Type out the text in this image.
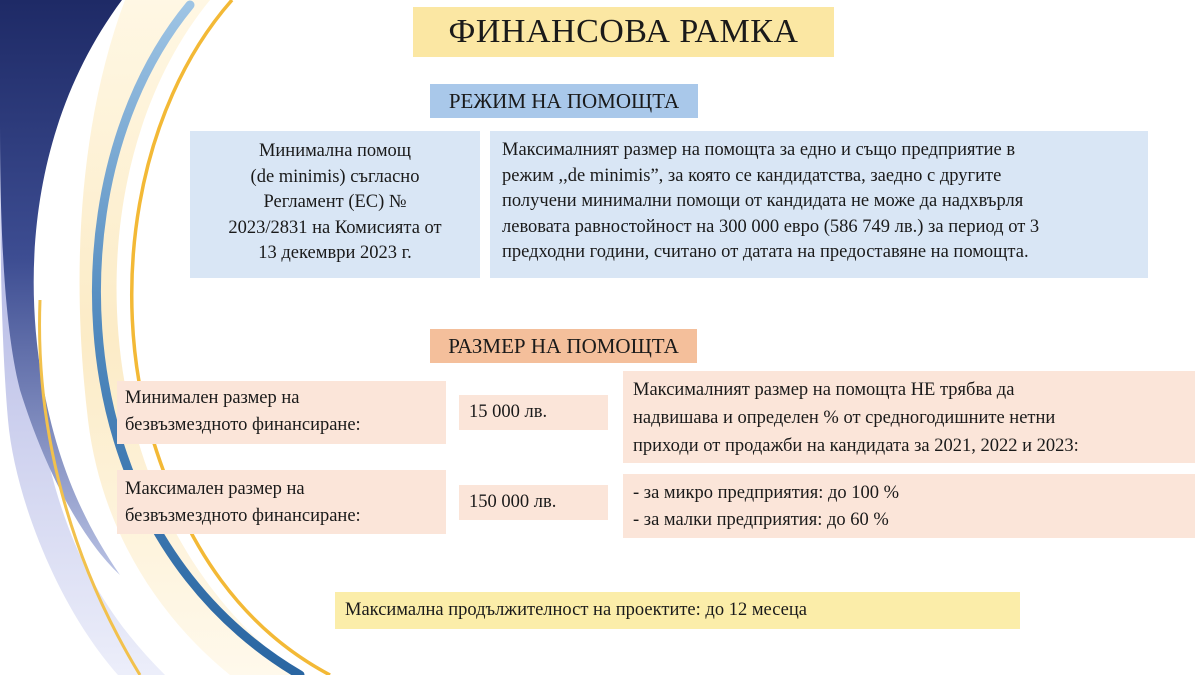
ФИНАНСОВА РАМКА
РЕЖИМ НА ПОМОЩТА
Минимална помощ
(de minimis) съгласно
Регламент (ЕС) №
2023/2831 на Комисията от
13 декември 2023 г.
Максималният размер на помощта за едно и също предприятие в
режим ,,de minimis”, за която се кандидатства, заедно с другите
получени минимални помощи от кандидата не може да надхвърля
левовата равностойност на 300 000 евро (586 749 лв.) за период от 3
предходни години, считано от датата на предоставяне на помощта.
РАЗМЕР НА ПОМОЩТА
Минимален размер на
безвъзмездното финансиране:
15 000 лв.
Максимален размер на
безвъзмездното финансиране:
150 000 лв.
Максималният размер на помощта НЕ трябва да
надвишава и определен % от средногодишните нетни
приходи от продажби на кандидата за 2021, 2022 и 2023:
- за микро предприятия: до 100 %
- за малки предприятия: до 60 %
Максимална продължителност на проектите: до 12 месеца
